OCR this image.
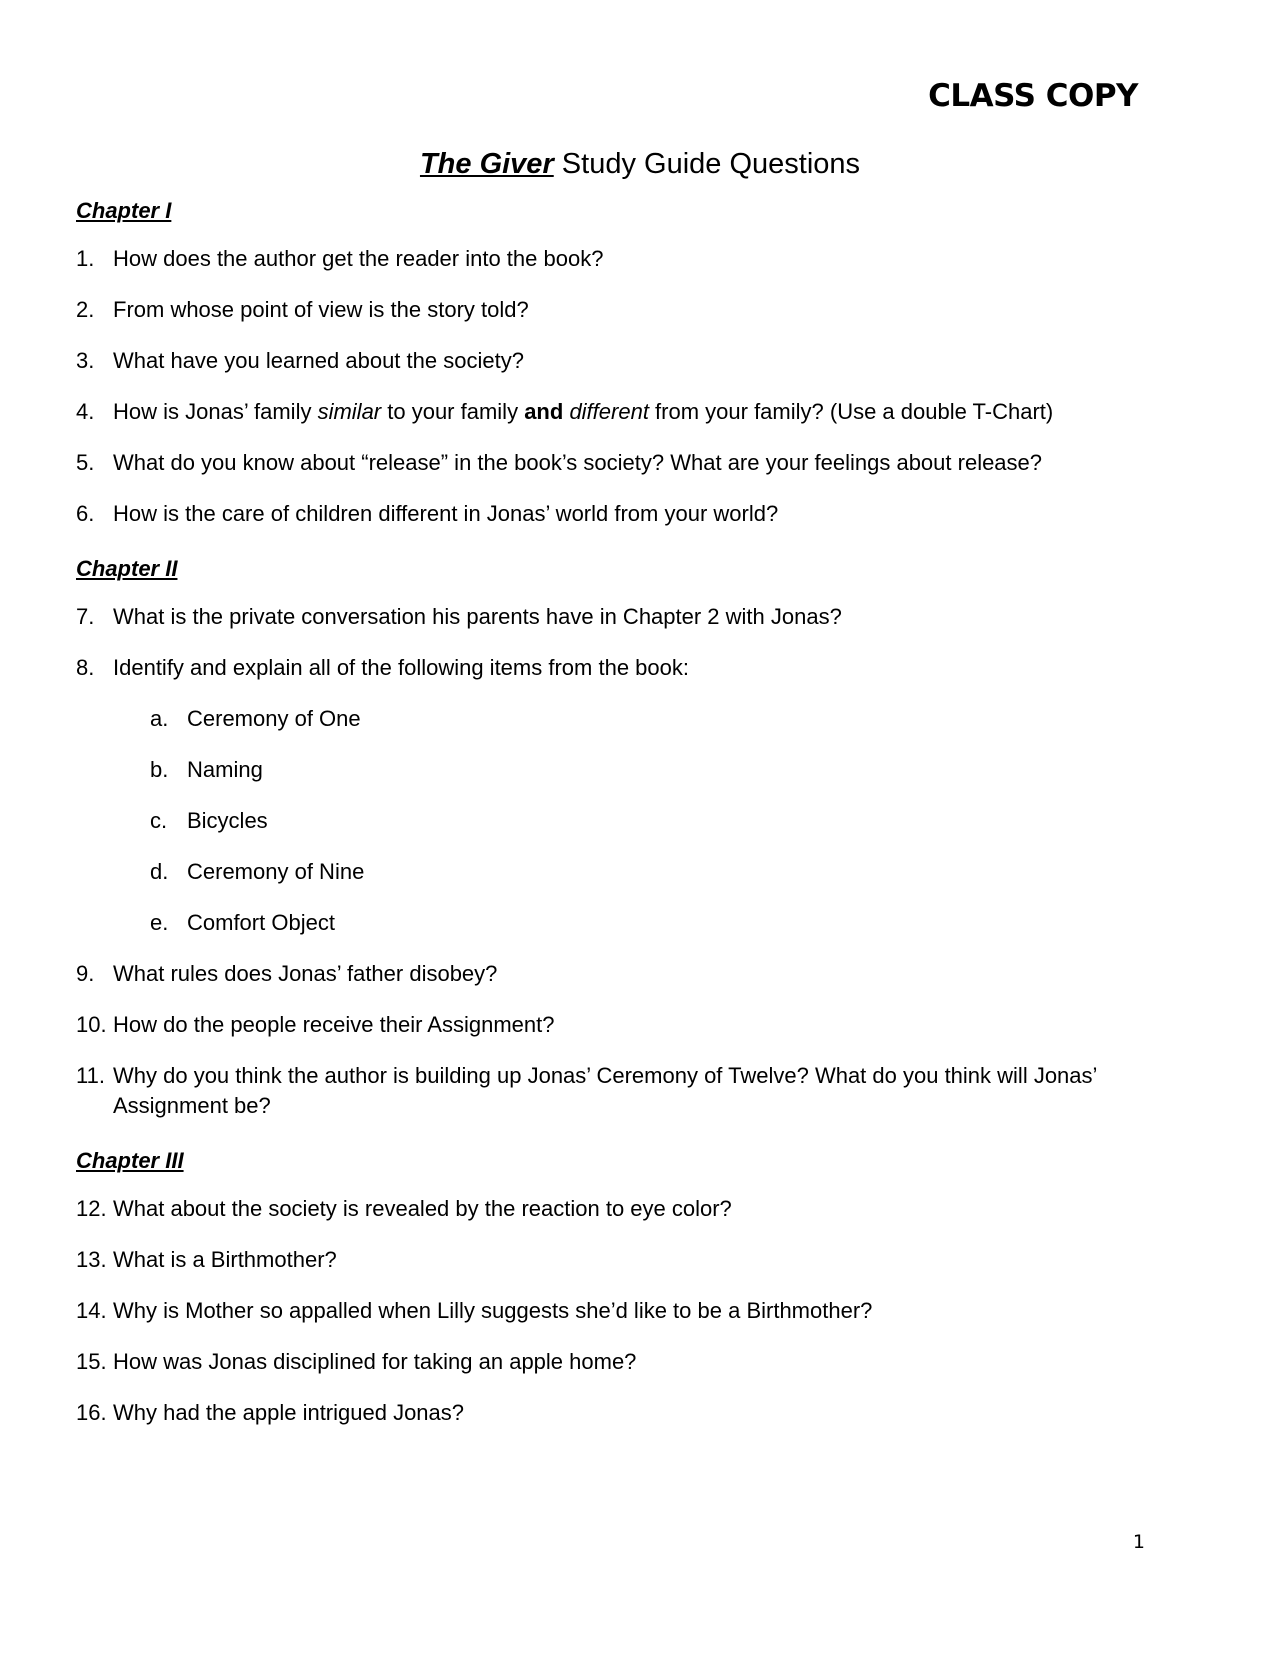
CLASS COPY
The Giver Study Guide Questions
Chapter I
1. How does the author get the reader into the book?
2. From whose point of view is the story told?
3. What have you learned about the society?
4. How is Jonas’ family similar to your family and different from your family? (Use a double T-Chart)
5. What do you know about “release” in the book’s society? What are your feelings about release?
6. How is the care of children different in Jonas’ world from your world?
Chapter II
7. What is the private conversation his parents have in Chapter 2 with Jonas?
8. Identify and explain all of the following items from the book:
a. Ceremony of One
b. Naming
c. Bicycles
d. Ceremony of Nine
e. Comfort Object
9. What rules does Jonas’ father disobey?
10. How do the people receive their Assignment?
11. Why do you think the author is building up Jonas’ Ceremony of Twelve? What do you think will Jonas’ Assignment be?
Chapter III
12. What about the society is revealed by the reaction to eye color?
13. What is a Birthmother?
14. Why is Mother so appalled when Lilly suggests she’d like to be a Birthmother?
15. How was Jonas disciplined for taking an apple home?
16. Why had the apple intrigued Jonas?
1
